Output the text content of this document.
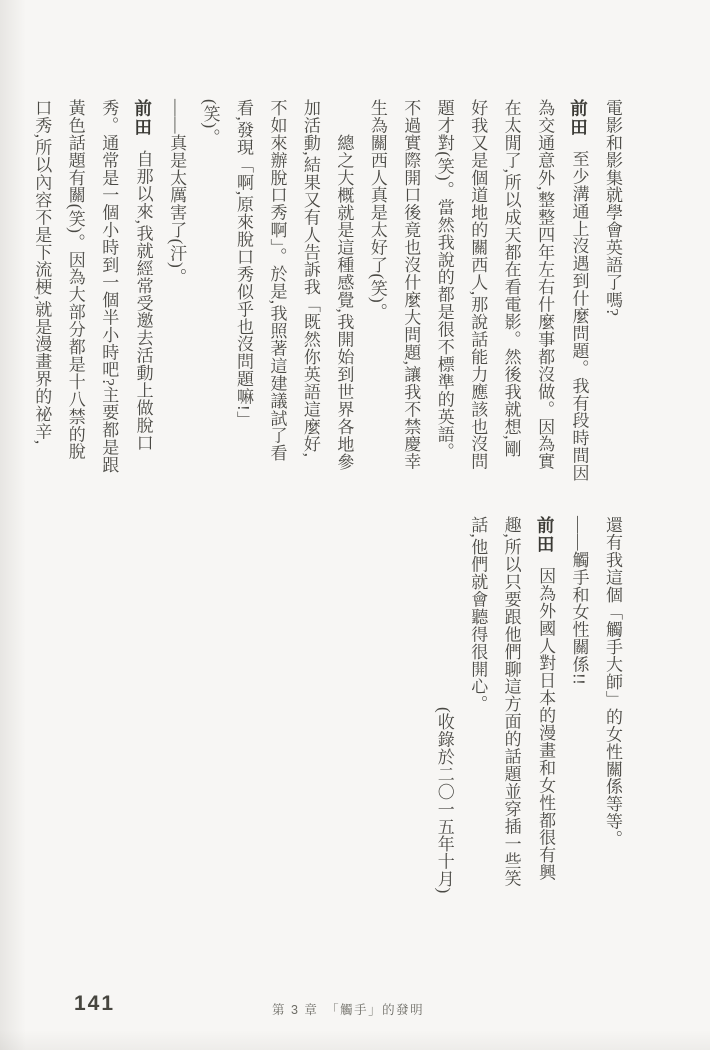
電影和影集就學會英語了嗎?
前田至少溝通上沒遇到什麼問題。我有段時間因
為交通意外,整整四年左右什麼事都沒做。因為實
在太閒了,所以成天都在看電影。然後我就想,剛
好我又是個道地的關西人,那說話能力應該也沒問
題才對(笑)。當然我說的都是很不標準的英語。
不過實際開口後竟也沒什麼大問題,讓我不禁慶幸
生為關西人真是太好了(笑)。
總之大概就是這種感覺,我開始到世界各地參
加活動,結果又有人告訴我「既然你英語這麼好,
不如來辦脫口秀啊」。於是,我照著這建議試了看
看,發現「啊,原來脫口秀似乎也沒問題嘛!」
(笑)。
——真是太厲害了(汗)。
前田自那以來,我就經常受邀去活動上做脫口
秀。通常是一個小時到一個半小時吧?主要都是跟
黃色話題有關(笑)。因為大部分都是十八禁的脫
口秀,所以內容不是下流梗,就是漫畫界的祕辛,
還有我這個「觸手大師」的女性關係等等。
——觸手和女性關係!!
前田因為外國人對日本的漫畫和女性都很有興
趣,所以只要跟他們聊這方面的話題並穿插一些笑
話,他們就會聽得很開心。
(收錄於二〇一五年十月)
141	第 3 章　「觸手」的發明
